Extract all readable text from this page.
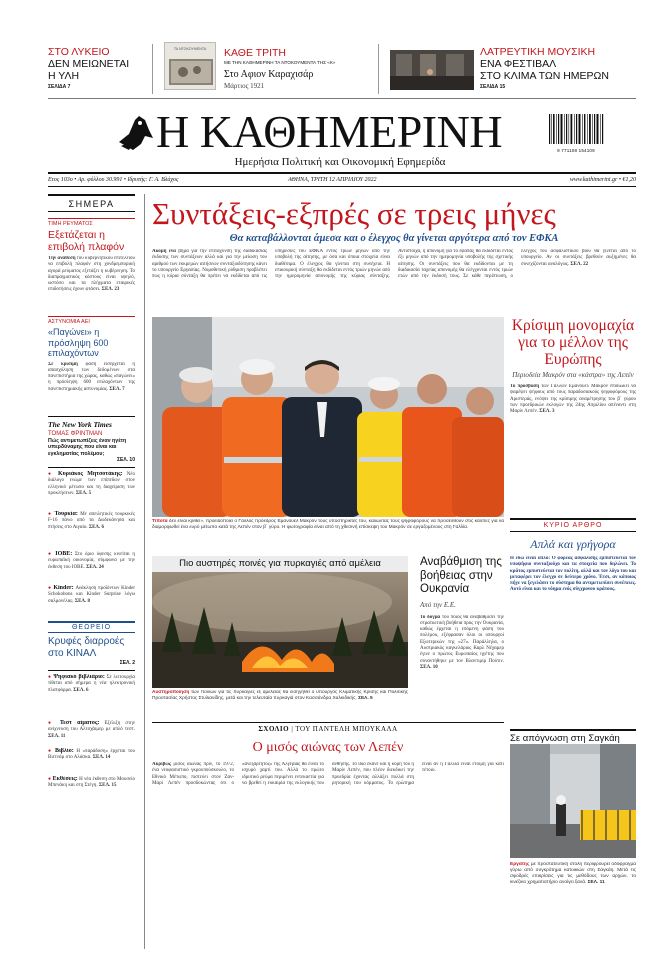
ΣΤΟ ΛΥΚΕΙΟ
ΔΕΝ ΜΕΙΩΝΕΤΑΙ
Η ΥΛΗ
ΣΕΛΙΔΑ 7
ΤΑ ΝΤΟΚΟΥΜΕΝΤΑ	ΚΑΘΕ ΤΡΙΤΗ
ΜΕ ΤΗΝ ΚΑΘΗΜΕΡΙΝΗ ΤΑ ΝΤΟΚΟΥΜΕΝΤΑ ΤΗΣ «Κ»
Στο Αφιον Καραχισάρ
Μάρτιος 1921
ΛΑΤΡΕΥΤΙΚΗ ΜΟΥΣΙΚΗ
ΕΝΑ ΦΕΣΤΙΒΑΛ
ΣΤΟ ΚΛΙΜΑ ΤΩΝ ΗΜΕΡΩΝ
ΣΕΛΙΔΑ 15
Η ΚΑΘΗΜΕΡΙΝΗ
Ημερήσια Πολιτική και Οικονομική Εφημερίδα
9 771108 154109
Ετος 103ο • Αρ. φύλλου 30.991 • Ιδρυτής: Γ. Α. Βλάχος	ΑΘΗΝΑ, ΤΡΙΤΗ 12 ΑΠΡΙΛΙΟΥ 2022	www.kathimerini.gr • €1,20
ΣΗΜΕΡΑ
ΤΙΜΗ ΡΕΥΜΑΤΟΣ
Εξετάζεται η επιβολή πλαφόν
Την ανάθεση του κυβερνητικού επιτελείου να επιβολή πλαφόν στη χονδρεμπορική αγορά ρεύματος εξετάζει η κυβέρνηση. Το διαπραγματικός κόστους είναι υψηλό, ωστόσο και τα πλήγματα εταιρικές επιδοτήσεις έχουν φτάσει. ΣΕΛ. 23
ΑΣΤΥΝΟΜΙΑ ΑΕΙ
«Παγώνει» η πρόσληψη 600 επιλαχόντων
Σε κρίσιμη φάση εισέρχεται η απασχόληση των δεδομένων στα πανεπιστήμια της χώρας, καθώς «παγώνει» η πρόσληψη 600 επιλαχόντων της πανεπιστημιακής αστυνομίας. ΣΕΛ. 7
The New York Times
ΤΟΜΑΣ ΦΡΙΝΤΜΑΝ
Πώς αντιμετωπίζεις έναν ηγέτη υπερδύναμης που είναι και εγκληματίας πολέμου;
ΣΕΛ. 10
● Κυριάκος Μητσοτάκης: Νέο διάλογο ενώμε των επίπεδων στον ελληνικό μέτωπο και τη διαχείριση των προκλήσεων. ΣΕΛ. 5
● Τουρκία: Με απειλητικές τουρκικές F-16 πάνω από τα Δωδεκάνησα και πτήσεις στο Αιγαίο. ΣΕΛ. 6
● ΙΟΒΕ: Στο όριο ύφεσης κινείται η ευρωπαϊκή οικονομία, σύμφωνα με την έκθεση του ΙΟΒΕ. ΣΕΛ. 24
● Kinder: Ανάκληση προϊόντων Kinder Schokobons και Kinder Surprise λόγω σαλμονέλας. ΣΕΛ. 8
ΘΕΩΡΕΙΟ
Κρυφές διαρροές στο ΚΙΝΑΛ
ΣΕΛ. 2
● Ψηφιακό βιβλιάριο: Σε λειτουργία τίθεται από σήμερα η νέα ηλεκτρονική πλατφόρμα. ΣΕΛ. 6
● Τεστ αίματος: Εξέλιξη στην ανίχνευση του Αλτσχάιμερ με απλό τεστ. ΣΕΛ. 11
● Βιβλίο: Η «παράδοση» έρχεται του Βιετνάμ στο Αλάσκα. ΣΕΛ. 14
● Εκθέσεις: Η νέα έκθεση στο Μουσείο Μπενάκη και στη Στέγη. ΣΕΛ. 15
Συντάξεις-εξπρές σε τρεις μήνες
Θα καταβάλλονται άμεσα και ο έλεγχος θα γίνεται αργότερα από τον ΕΦΚΑ
Ακόμη ένα βήμα για την επιτάχυνση της διαδικασίας έκδοσης των συντάξεων αλλά και για την μείωση του αριθμού των εκκρεμών αιτήσεων συνταξιοδότησης κάνει το υπουργείο Εργασίας. Νομοθετική ρύθμιση προβλέπει πως η κύρια σύνταξη θα πρέπει να εκδίδεται από τις υπηρεσίες του ΕΦΚΑ εντός τριών μηνών από την υποβολή της αίτησης, με όσα και όποια στοιχεία είναι διαθέσιμα. Ο έλεγχος θα γίνεται στη συνέχεια. Η επικουρική σύνταξη θα εκδίδεται εντός τριών μηνών από την ημερομηνία απονομής της κύριας σύνταξης. Αντίστοιχα, η απονομή για το εφάπαξ θα εκδίδεται εντός έξι μηνών από την ημερομηνία υποβολής της σχετικής αίτησης. Οι συντάξεις που θα εκδίδονται με τη διαδικασία ταχείας απονομής θα ελέγχονται εντός τριών ετών από την έκδοσή τους. Σε κάθε περίπτωση, ο έλεγχος του ασφαλιστικού βίου θα γίνεται από το υπουργείο. Αν οι συντάξεις βρεθούν αυξημένες θα συνεχίζονται αναλόγως. ΣΕΛ. 22
Τίποτα δεν είναι κριθεί», προειδοποιεί ο Γάλλος πρόεδρος Εμανουέλ Μακρόν τους υποστηρικτές του, καλώντας τους ψηφοφόρους να προσέλθουν στις κάλπες για να διαμορφωθεί ένα ευρύ μέτωπο κατά της Λεπέν στον β΄ γύρο. Η φωτογραφία είναι από τη χθεσινή επίσκεψη του Μακρόν σε εργαζομένους στη Γαλλία.
Κρίσιμη μονομαχία για το μέλλον της Ευρώπης
Περιοδεία Μακρόν στα «κάστρα» της Λεπέν
Το πρόσβαση των Γάλλων Εμανουέλ Μακρόν επιδιώκει να ψαρέψει ψήφους από τους παραδοσιακούς ψηφοφόρους της Αριστεράς, ενόψει της κρίσιμης αναμέτρησης του β΄ γύρου των προεδρικών εκλογών της 24ης Απριλίου απέναντι στη Μαρίν Λεπέν. ΣΕΛ. 3
ΚΥΡΙΟ ΑΡΘΡΟ
Απλά και γρήγορα
Η εδώ είναι απλό: Ο φορέας ασφάλισης εμπιστεύεται τον υποψήφιο συνταξιούχο και τα στοιχεία που δηλώνει. Το κράτος εμπιστεύεται τον πολίτη, αλλά και τον λόγο του και μεταφέρει τον έλεγχο σε δεύτερο χρόνο. Έτσι, αν κάποιος πήγε να ξεγελάσει το σύστημα θα αντιμετωπίσει συνέπειες. Αυτό είναι και το νόημα ενός σύγχρονου κράτους.
Πιο αυστηρές ποινές για πυρκαγιές από αμέλεια
Αυστηροποίηση των ποινών για τις πυρκαγιές εξ αμελείας θα εισηγηθεί ο υπουργός Κλιματικής Κρίσης και Πολιτικής Προστασίας Χρήστος Στυλιανίδης, μετά και την τελευταία πυρκαγιά στον Κασσάνδρα Χαλκιδικής. ΣΕΛ. 5
Αναβάθμιση της βοήθειας στην Ουκρανία
Από την Ε.Ε.
Το δόγμα του ποιος θα αναβαθμίσει την στρατιωτική βοήθεια προς την Ουκρανία, καθώς έρχεται η επόμενη φάση του πολέμου, εξέφρασαν όλοι οι υπουργοί Εξωτερικών της «27». Παράλληλα, ο Αυστριακός καγκελάριος Καρλ Νέχαμερ έγινε ο πρώτος Ευρωπαίος ηγέτης που συναντήθηκε με τον Βλαντιμίρ Πούτιν. ΣΕΛ. 10
ΣΧΟΛΙΟ | ΤΟΥ ΠΑΝΤΕΛΗ ΜΠΟΥΚΑΛΑ
Ο μισός αιώνας των Λεπέν
Ακριβώς μισός αιώνας πριν, το 1972, ένα νεοφασιστικό γκρουπούσκουλο, το Εθνικό Μέτωπο, πιστεύει στον Ζαν-Μαρί Λεπέν προσδοκώντας ότι ο «ανεξάρτητος» της Αλγερίας θα είναι το ισχυρό χαρτί του. Αλλά το πρώτο ιδρυτικό ρεύμα περιμένει εντεκαετία για να βρεθεί η ευκαιρία της εκλογικής του άνθησης. Το ίδιο έκανε και η κόρη του η Μαρίν Λεπέν, που πλέον διεκδικεί την προεδρία έχοντας αλλάξει πολλά στη ρητορική του κόμματος. Το ερώτημα είναι αν η Γαλλία είναι έτοιμη για κάτι τέτοιο.
Σε απόγνωση στη Σαγκάη
Εργάτης με προστατευτική στολή περιφρουρεί οδόφραγμα γύρω από συγκρότημα κατοικιών στη Σαγκάη. Μετά τις σφοδρές επικρίσεις για τις μεθόδους των αρχών, το κινέζικο χρηματιστήριο ανοίγει ξανά. ΣΕΛ. 11
